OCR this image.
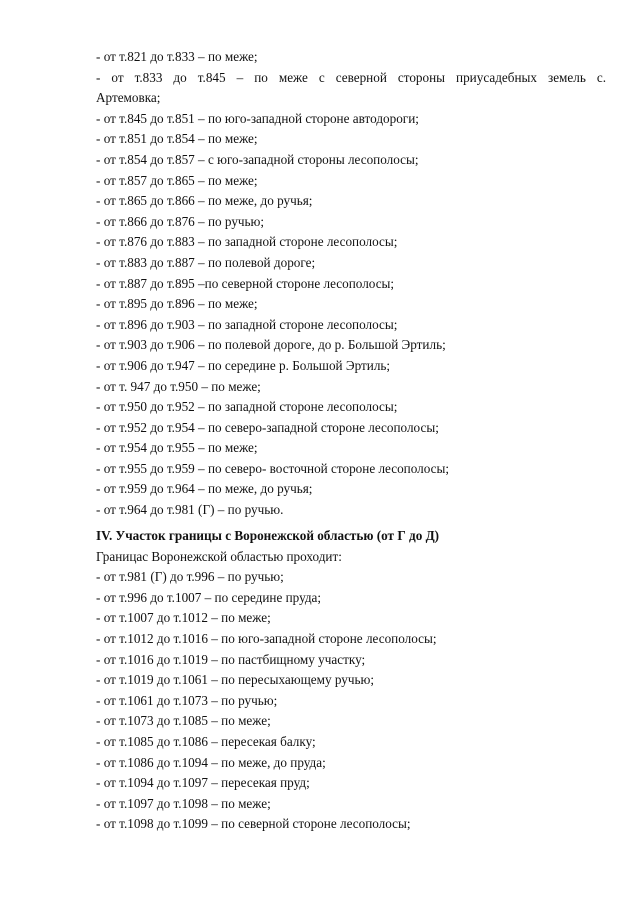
- от т.821 до т.833 – по меже;
- от т.833 до т.845 – по меже с северной стороны приусадебных земель с.
Артемовка;
- от т.845 до т.851 – по юго-западной стороне автодороги;
- от т.851 до т.854 – по меже;
- от т.854 до т.857 – с юго-западной стороны лесополосы;
- от т.857 до т.865 – по меже;
- от т.865 до т.866 – по меже, до ручья;
- от т.866 до т.876 – по ручью;
- от т.876 до т.883 – по западной стороне лесополосы;
- от т.883 до т.887 – по полевой дороге;
- от т.887 до т.895 –по северной стороне лесополосы;
- от т.895 до т.896 – по меже;
- от т.896 до т.903 – по западной стороне лесополосы;
- от т.903 до т.906 – по полевой дороге, до р. Большой Эртиль;
- от т.906 до т.947 – по середине р. Большой Эртиль;
- от т. 947 до т.950 – по меже;
- от т.950 до т.952 – по западной стороне лесополосы;
- от т.952 до т.954 – по северо-западной стороне лесополосы;
- от т.954 до т.955 – по меже;
- от т.955 до т.959 – по северо- восточной стороне лесополосы;
- от т.959 до т.964 – по меже, до ручья;
- от т.964 до т.981 (Г) – по ручью.
IV. Участок границы с Воронежской областью (от Г до Д)
Границас Воронежской областью проходит:
- от т.981 (Г) до т.996 – по ручью;
- от т.996 до т.1007 – по середине пруда;
- от т.1007 до т.1012 – по меже;
- от т.1012 до т.1016 – по юго-западной стороне лесополосы;
- от т.1016 до т.1019 – по пастбищному участку;
- от т.1019 до т.1061 – по пересыхающему ручью;
- от т.1061 до т.1073 – по ручью;
- от т.1073 до т.1085 – по меже;
- от т.1085 до т.1086 – пересекая балку;
- от т.1086 до т.1094 – по меже, до пруда;
- от т.1094 до т.1097 – пересекая пруд;
- от т.1097 до т.1098 – по меже;
- от т.1098 до т.1099 – по северной стороне лесополосы;
